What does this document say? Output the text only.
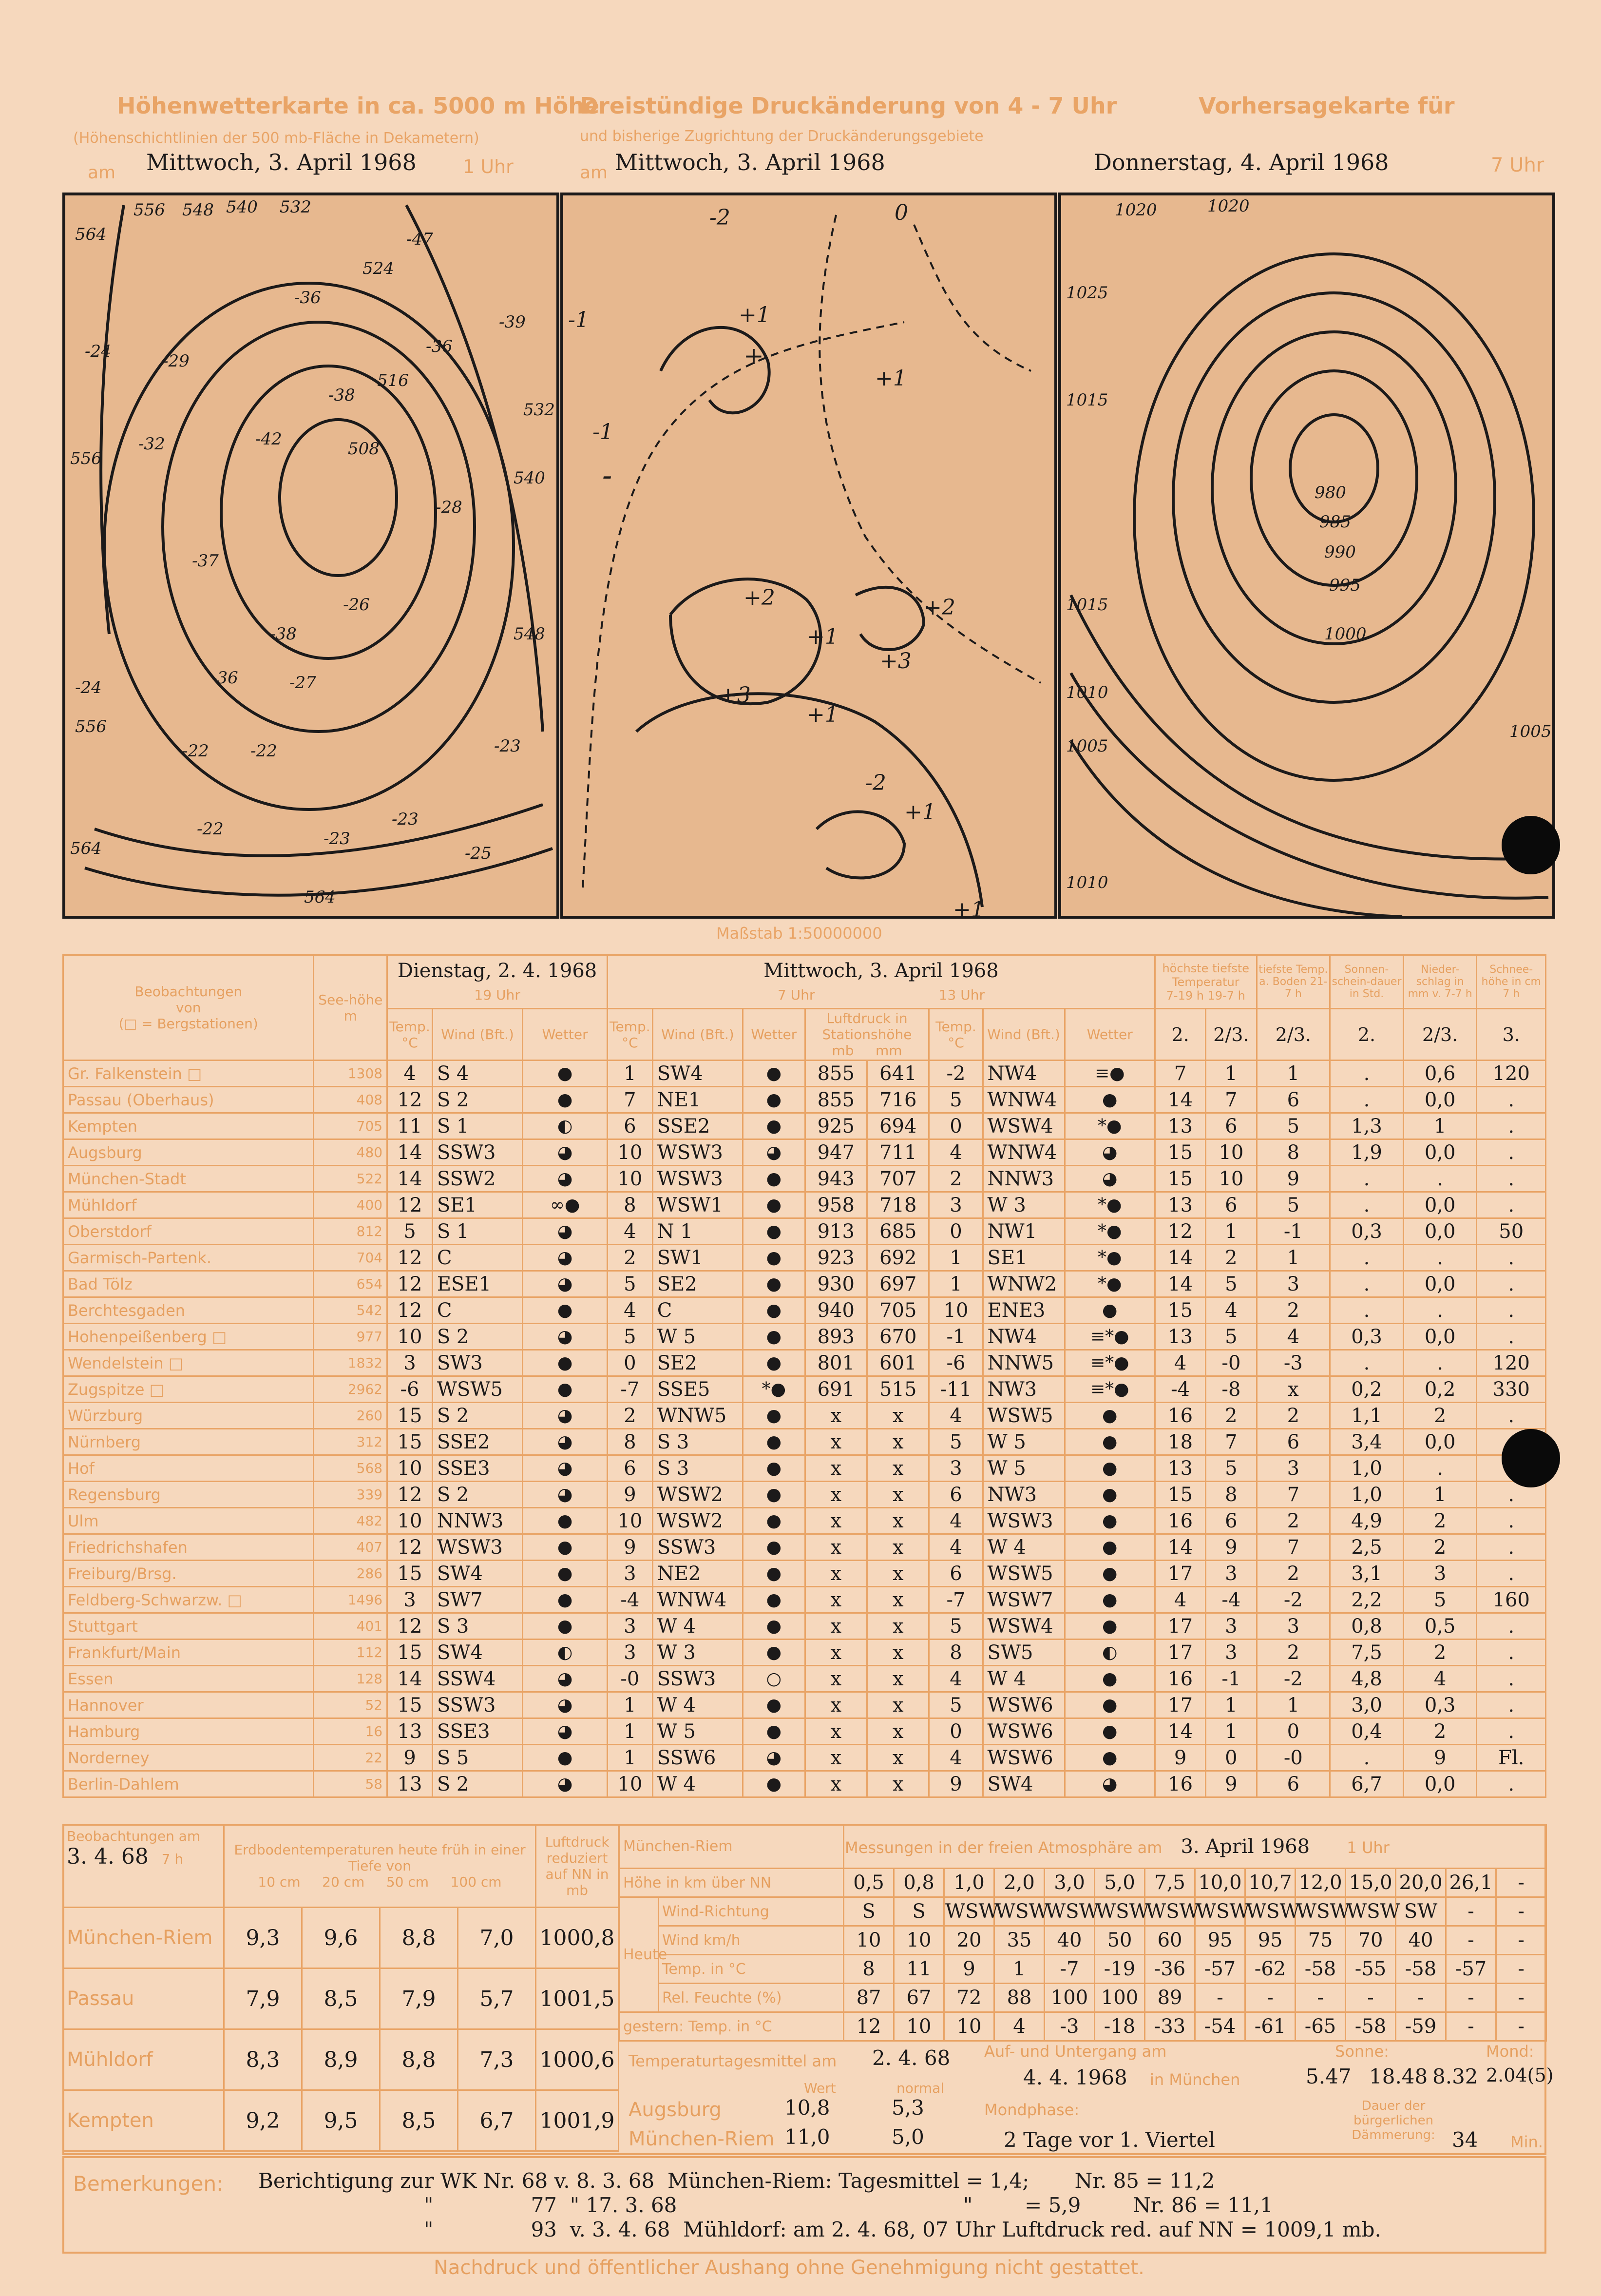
Höhenwetterkarte in ca. 5000 m Höhe
(Höhenschichtlinien der 500 mb-Fläche in Dekametern)
am Mittwoch, 3. April 1968	1 Uhr
Dreistündige Druckänderung von 4 - 7 Uhr
und bisherige Zugrichtung der Druckänderungsgebiete
am Mittwoch, 3. April 1968
Vorhersagekarte für
Donnerstag, 4. April 1968	7 Uhr
556 548 540 532
524
564
-24	-29
-36
-32	-42
-38
516
508
-47
-39
-36
-28
-37
-38
-36	-27
-26
-22	-23
-24
556
-22
-22	-23
-23
-25
564
564
548
532
540
556
-2
-1	+1
+
+1
-
-1
+3
+2
+1
+3
+1
+2
-2
+1
0
+1
1020
1025
1015
1010
1005
1010
1015
980
985
990
995
1000
1005
1020
Maßstab 1:50000000
Beobachtungen
von
(□ = Bergstationen)	See-höhe
m	Dienstag, 2. 4. 1968
19 Uhr			Mittwoch, 3. April 1968
7 Uhr 13 Uhr								höchste tiefste Temperatur
7-19 h 19-7 h		tiefste Temp. a. Boden 21-7 h	Sonnen-schein-dauer in Std.	Nieder-schlag in mm v. 7-7 h	Schnee-höhe in cm 7 h
		Temp. °C	Wind (Bft.)	Wetter	Temp. °C	Wind (Bft.)	Wetter	Luftdruck in Stationshöhe
mb mm		Temp. °C	Wind (Bft.)	Wetter	2.	2/3.	2/3.	2.	2/3.	3.
Gr. Falkenstein □	1308	4	S 4	●	1	SW4	●	855	641	-2	NW4	≡●	7	1	1	.	0,6	120
Passau (Oberhaus)	408	12	S 2	●	7	NE1	●	855	716	5	WNW4	●	14	7	6	.	0,0	.
Kempten	705	11	S 1	◐	6	SSE2	●	925	694	0	WSW4	*●	13	6	5	1,3	1	.
Augsburg	480	14	SSW3	◕	10	WSW3	◕	947	711	4	WNW4	◕	15	10	8	1,9	0,0	.
München-Stadt	522	14	SSW2	◕	10	WSW3	●	943	707	2	NNW3	◕	15	10	9	.	.	.
Mühldorf	400	12	SE1	∞●	8	WSW1	●	958	718	3	W 3	*●	13	6	5	.	0,0	.
Oberstdorf	812	5	S 1	◕	4	N 1	●	913	685	0	NW1	*●	12	1	-1	0,3	0,0	50
Garmisch-Partenk.	704	12	C	◕	2	SW1	●	923	692	1	SE1	*●	14	2	1	.	.	.
Bad Tölz	654	12	ESE1	◕	5	SE2	●	930	697	1	WNW2	*●	14	5	3	.	0,0	.
Berchtesgaden	542	12	C	●	4	C	●	940	705	10	ENE3	●	15	4	2	.	.	.
Hohenpeißenberg □	977	10	S 2	◕	5	W 5	●	893	670	-1	NW4	≡*●	13	5	4	0,3	0,0	.
Wendelstein □	1832	3	SW3	●	0	SE2	●	801	601	-6	NNW5	≡*●	4	-0	-3	.	.	120
Zugspitze □	2962	-6	WSW5	●	-7	SSE5	*●	691	515	-11	NW3	≡*●	-4	-8	x	0,2	0,2	330
Würzburg	260	15	S 2	◕	2	WNW5	●	x	x	4	WSW5	●	16	2	2	1,1	2	.
Nürnberg	312	15	SSE2	◕	8	S 3	●	x	x	5	W 5	●	18	7	6	3,4	0,0	
Hof	568	10	SSE3	◕	6	S 3	●	x	x	3	W 5	●	13	5	3	1,0	.	
Regensburg	339	12	S 2	◕	9	WSW2	●	x	x	6	NW3	●	15	8	7	1,0	1	.
Ulm	482	10	NNW3	●	10	WSW2	●	x	x	4	WSW3	●	16	6	2	4,9	2	.
Friedrichshafen	407	12	WSW3	●	9	SSW3	●	x	x	4	W 4	●	14	9	7	2,5	2	.
Freiburg/Brsg.	286	15	SW4	●	3	NE2	●	x	x	6	WSW5	●	17	3	2	3,1	3	.
Feldberg-Schwarzw. □	1496	3	SW7	●	-4	WNW4	●	x	x	-7	WSW7	●	4	-4	-2	2,2	5	160
Stuttgart	401	12	S 3	●	3	W 4	●	x	x	5	WSW4	●	17	3	3	0,8	0,5	.
Frankfurt/Main	112	15	SW4	◐	3	W 3	●	x	x	8	SW5	◐	17	3	2	7,5	2	.
Essen	128	14	SSW4	◕	-0	SSW3	○	x	x	4	W 4	●	16	-1	-2	4,8	4	.
Hannover	52	15	SSW3	◕	1	W 4	●	x	x	5	WSW6	●	17	1	1	3,0	0,3	.
Hamburg	16	13	SSE3	◕	1	W 5	●	x	x	0	WSW6	●	14	1	0	0,4	2	.
Norderney	22	9	S 5	●	1	SSW6	◕	x	x	4	WSW6	●	9	0	-0	.	9	Fl.
Berlin-Dahlem	58	13	S 2	◕	10	W 4	●	x	x	9	SW4	◕	16	9	6	6,7	0,0	.
Beobachtungen am
3. 4. 68 7 h	Erdbodentemperaturen heute früh in einer Tiefe von
10 cm 20 cm 50 cm 100 cm				Luftdruck reduziert auf NN in mb
München-Riem	9,3	9,6	8,8	7,0	1000,8
Passau	7,9	8,5	7,9	5,7	1001,5
Mühldorf	8,3	8,9	8,8	7,3	1000,6
Kempten	9,2	9,5	8,5	6,7	1001,9
München-Riem		Messungen in der freien Atmosphäre am 3. April 1968 1 Uhr													
Höhe in km über NN		0,5	0,8	1,0	2,0	3,0	5,0	7,5	10,0	10,7	12,0	15,0	20,0	26,1	-
Heute	Wind-Richtung	S	S	WSW	WSW	WSW	WSW	WSW	WSW	WSW	WSW	WSW	SW	-	-
	Wind km/h	10	10	20	35	40	50	60	95	95	75	70	40	-	-
	Temp. in °C	8	11	9	1	-7	-19	-36	-57	-62	-58	-55	-58	-57	-
	Rel. Feuchte (%)	87	67	72	88	100	100	89	-	-	-	-	-	-	-
gestern: Temp. in °C		12	10	10	4	-3	-18	-33	-54	-61	-65	-58	-59	-	-
Temperaturtagesmittel am 2. 4. 68
Wert	normal
Augsburg	10,8	5,3
München-Riem 11,0	5,0
Auf- und Untergang am
4. 4. 1968 in München
Sonne:
5.47 18.48
Mond:
8.32 2.04(5)
Mondphase:
2 Tage vor 1. Viertel
Dauer der bürgerlichen Dämmerung: 34 Min.
Bemerkungen: Berichtigung zur WK Nr. 68 v. 8. 3. 68  München-Riem: Tagesmittel = 1,4;       Nr. 85 = 11,2
"               77  " 17. 3. 68                                            "        = 5,9        Nr. 86 = 11,1
"               93  v. 3. 4. 68  Mühldorf: am 2. 4. 68, 07 Uhr Luftdruck red. auf NN = 1009,1 mb.
Nachdruck und öffentlicher Aushang ohne Genehmigung nicht gestattet.
